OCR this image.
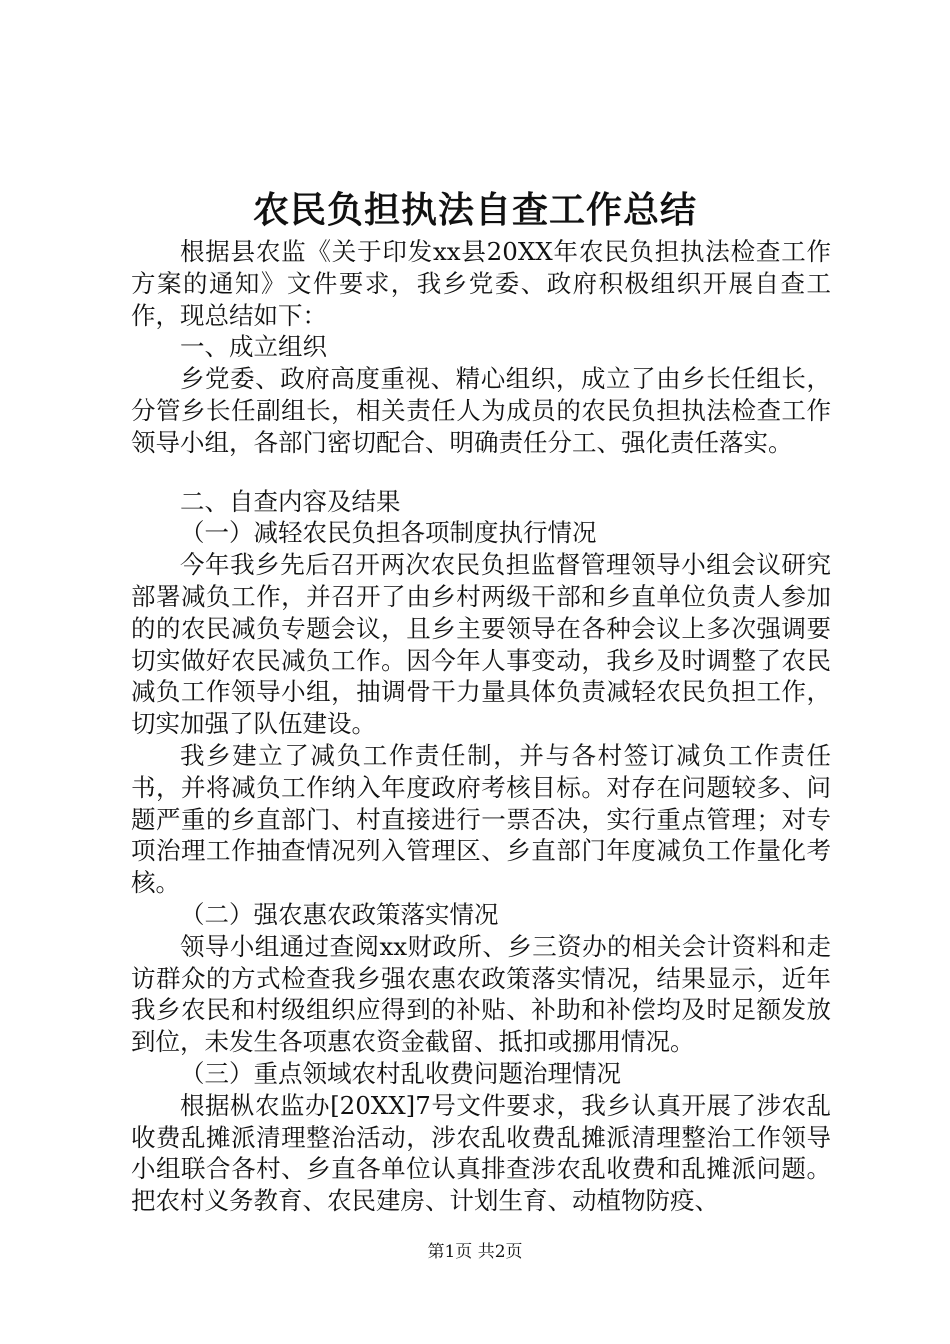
农民负担执法自查工作总结

根据县农监《关于印发xx县20XX年农民负担执法检查工作方案的通知》文件要求，我乡党委、政府积极组织开展自查工作，现总结如下：

一、成立组织

乡党委、政府高度重视、精心组织，成立了由乡长任组长，分管乡长任副组长，相关责任人为成员的农民负担执法检查工作领导小组，各部门密切配合、明确责任分工、强化责任落实。

二、自查内容及结果

（一）减轻农民负担各项制度执行情况

今年我乡先后召开两次农民负担监督管理领导小组会议研究部署减负工作，并召开了由乡村两级干部和乡直单位负责人参加的的农民减负专题会议，且乡主要领导在各种会议上多次强调要切实做好农民减负工作。因今年人事变动，我乡及时调整了农民减负工作领导小组，抽调骨干力量具体负责减轻农民负担工作，切实加强了队伍建设。

我乡建立了减负工作责任制，并与各村签订减负工作责任书，并将减负工作纳入年度政府考核目标。对存在问题较多、问题严重的乡直部门、村直接进行一票否决，实行重点管理；对专项治理工作抽查情况列入管理区、乡直部门年度减负工作量化考核。

（二）强农惠农政策落实情况

领导小组通过查阅xx财政所、乡三资办的相关会计资料和走访群众的方式检查我乡强农惠农政策落实情况，结果显示，近年我乡农民和村级组织应得到的补贴、补助和补偿均及时足额发放到位，未发生各项惠农资金截留、抵扣或挪用情况。

（三）重点领域农村乱收费问题治理情况

根据枞农监办[20XX]7号文件要求，我乡认真开展了涉农乱收费乱摊派清理整治活动，涉农乱收费乱摊派清理整治工作领导小组联合各村、乡直各单位认真排查涉农乱收费和乱摊派问题。把农村义务教育、农民建房、计划生育、动植物防疫、

第1页 共2页
